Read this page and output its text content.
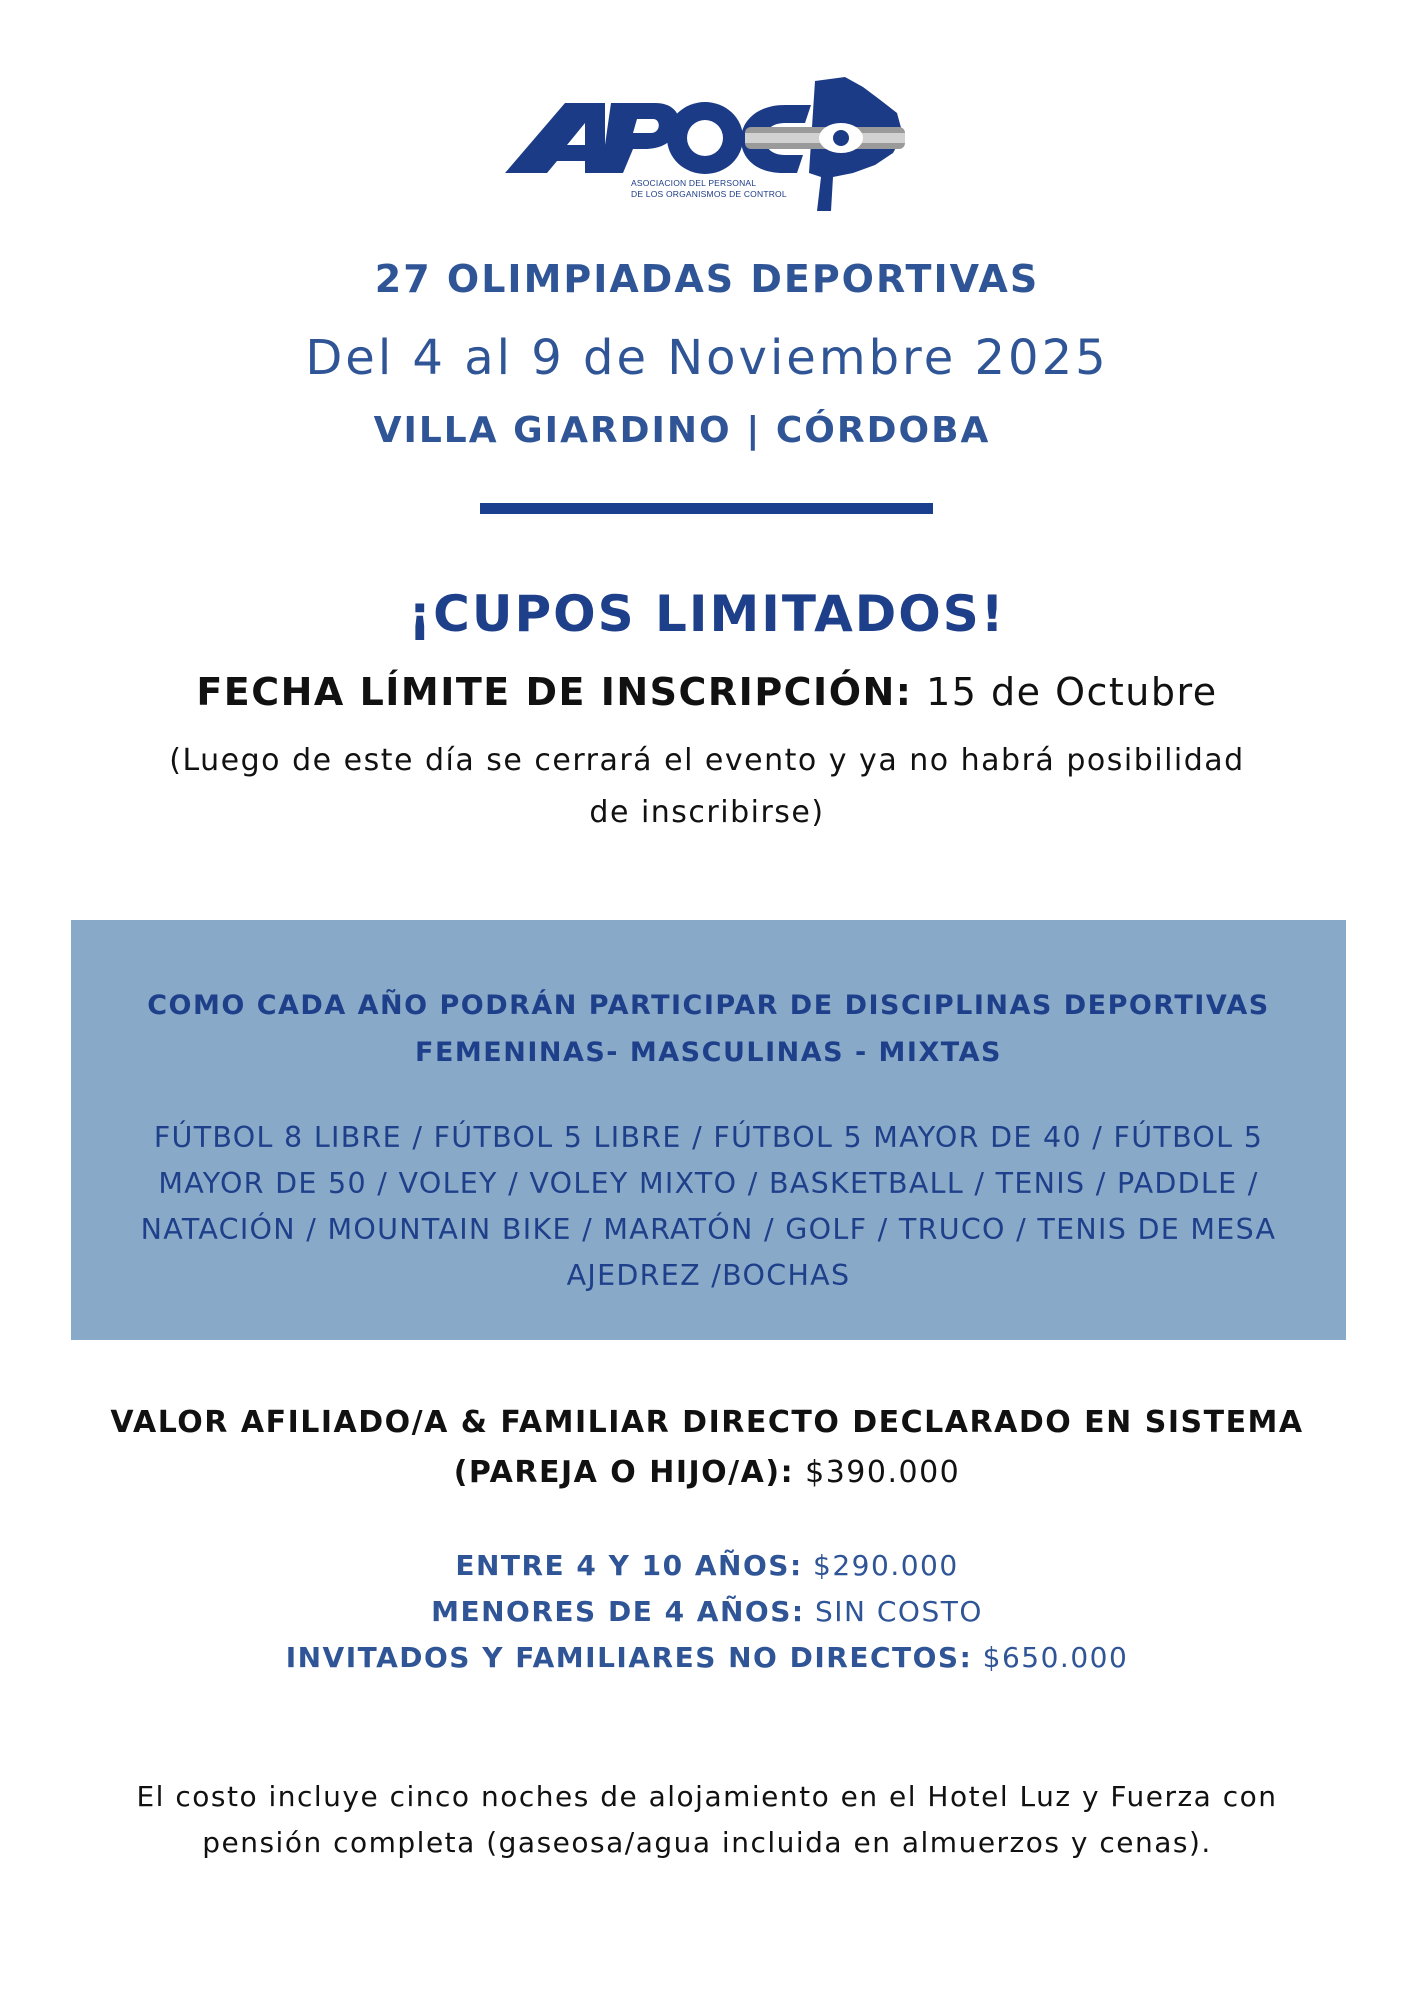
ASOCIACION DEL PERSONAL
DE LOS ORGANISMOS DE CONTROL
27 OLIMPIADAS DEPORTIVAS
Del 4 al 9 de Noviembre 2025
VILLA GIARDINO | CÓRDOBA
¡CUPOS LIMITADOS!
FECHA LÍMITE DE INSCRIPCIÓN: 15 de Octubre
(Luego de este día se cerrará el evento y ya no habrá posibilidad
de inscribirse)
COMO CADA AÑO PODRÁN PARTICIPAR DE DISCIPLINAS DEPORTIVAS
FEMENINAS- MASCULINAS - MIXTAS
FÚTBOL 8 LIBRE / FÚTBOL 5 LIBRE / FÚTBOL 5 MAYOR DE 40 / FÚTBOL 5
MAYOR DE 50 / VOLEY / VOLEY MIXTO / BASKETBALL / TENIS / PADDLE /
NATACIÓN / MOUNTAIN BIKE / MARATÓN / GOLF / TRUCO / TENIS DE MESA
AJEDREZ /BOCHAS
VALOR AFILIADO/A & FAMILIAR DIRECTO DECLARADO EN SISTEMA
(PAREJA O HIJO/A): $390.000
ENTRE 4 Y 10 AÑOS: $290.000
MENORES DE 4 AÑOS: SIN COSTO
INVITADOS Y FAMILIARES NO DIRECTOS: $650.000
El costo incluye cinco noches de alojamiento en el Hotel Luz y Fuerza con
pensión completa (gaseosa/agua incluida en almuerzos y cenas).
